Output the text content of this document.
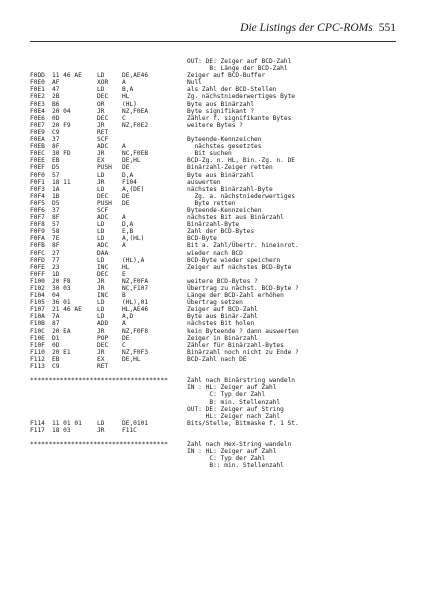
Die Listings der CPC-ROMs 551
OUT: DE: Zeiger auf BCD-Zahl
B: Länge der BCD-Zahl
F0DD 11 46 AE LD	DE,AE46	Zeiger auf BCD-Buffer
F0E0 AF	XOR A	Null
F0E1 47	LD	B,A	als Zahl der BCD-Stellen
F0E2 2B	DEC HL	Zg. nächstniederwertiges Byte
F0E3 B6	OR	(HL)	Byte aus Binärzahl
F0E4 20 04	JR	NZ,F0EA	Byte signifikant ?
F0E6 0D	DEC C	Zähler f. signifikante Bytes
F0E7 20 F9	JR	NZ,F0E2	weitere Bytes ?
F0E9 C9	RET
F0EA 37	SCF	Byteende-Kennzeichen
F0EB 8F	ADC A	nächstes gesetztes
F0EC 30 FD	JR	NC,F0EB	Bit suchen
F0EE EB	EX	DE,HL	BCD-Zg. n. HL, Bin.-Zg. n. DE
F0EF D5	PUSH DE	Binärzahl-Zeiger retten
F0F0 57	LD	D,A	Byte aus Binärzahl
F0F1 18 11	JR	F104	auswerten
F0F3 1A	LD	A,(DE)	nächstes Binärzahl-Byte
F0F4 1B	DEC DE	Zg. a. nächstniederwertiges
F0F5 D5	PUSH DE	Byte retten
F0F6 37	SCF	Byteende-Kennzeichen
F0F7 8F	ADC A	nächstes Bit aus Binärzahl
F0F8 57	LD	D,A	Binärzahl-Byte
F0F9 58	LD	E,B	Zahl der BCD-Bytes
F0FA 7E	LD	A,(HL)	BCD-Byte
F0FB 8F	ADC A	Bit a. Zahl/Übertr. hineinrot.
F0FC 27	DAA	wieder nach BCD
F0FD 77	LD	(HL),A	BCD-Byte wieder speichern
F0FE 23	INC HL	Zeiger auf nächstes BCD-Byte
F0FF 1D	DEC E
F100 20 F8	JR	NZ,F0FA	weitere BCD-Bytes ?
F102 30 03	JR	NC,F107	Übertrag zu nächst. BCD-Byte ?
F104 04	INC B	Länge der BCD-Zahl erhöhen
F105 36 01	LD	(HL),01	Übertrag setzen
F107 21 46 AE LD	HL,AE46	Zeiger auf BCD-Zahl
F10A 7A	LD	A,D	Byte aus Binär-Zahl
F10B 87	ADD A	nächstes Bit holen
F10C 20 EA	JR	NZ,F0F8	kein Byteende ? dann auswerten
F10E D1	POP DE	Zeiger in Binärzahl
F10F 0D	DEC C	Zähler für Binärzahl-Bytes
F110 20 E1	JR	NZ,F0F3	Binärzahl noch nicht zu Ende ?
F112 EB	EX	DE,HL	BCD-Zahl nach DE
F113 C9	RET
*************************************	Zahl nach Binärstring wandeln
IN : HL: Zeiger auf Zahl
C: Typ der Zahl
B: min. Stellenzahl
OUT: DE: Zeiger auf String
HL: Zeiger nach Zahl
F114 11 01 01 LD	DE,0101	Bits/Stelle, Bitmaske f. 1 St.
F117 18 03	JR	F11C
*************************************	Zahl nach Hex-String wandeln
IN : HL: Zeiger auf Zahl
C: Typ der Zahl
B:: min. Stellenzahl
